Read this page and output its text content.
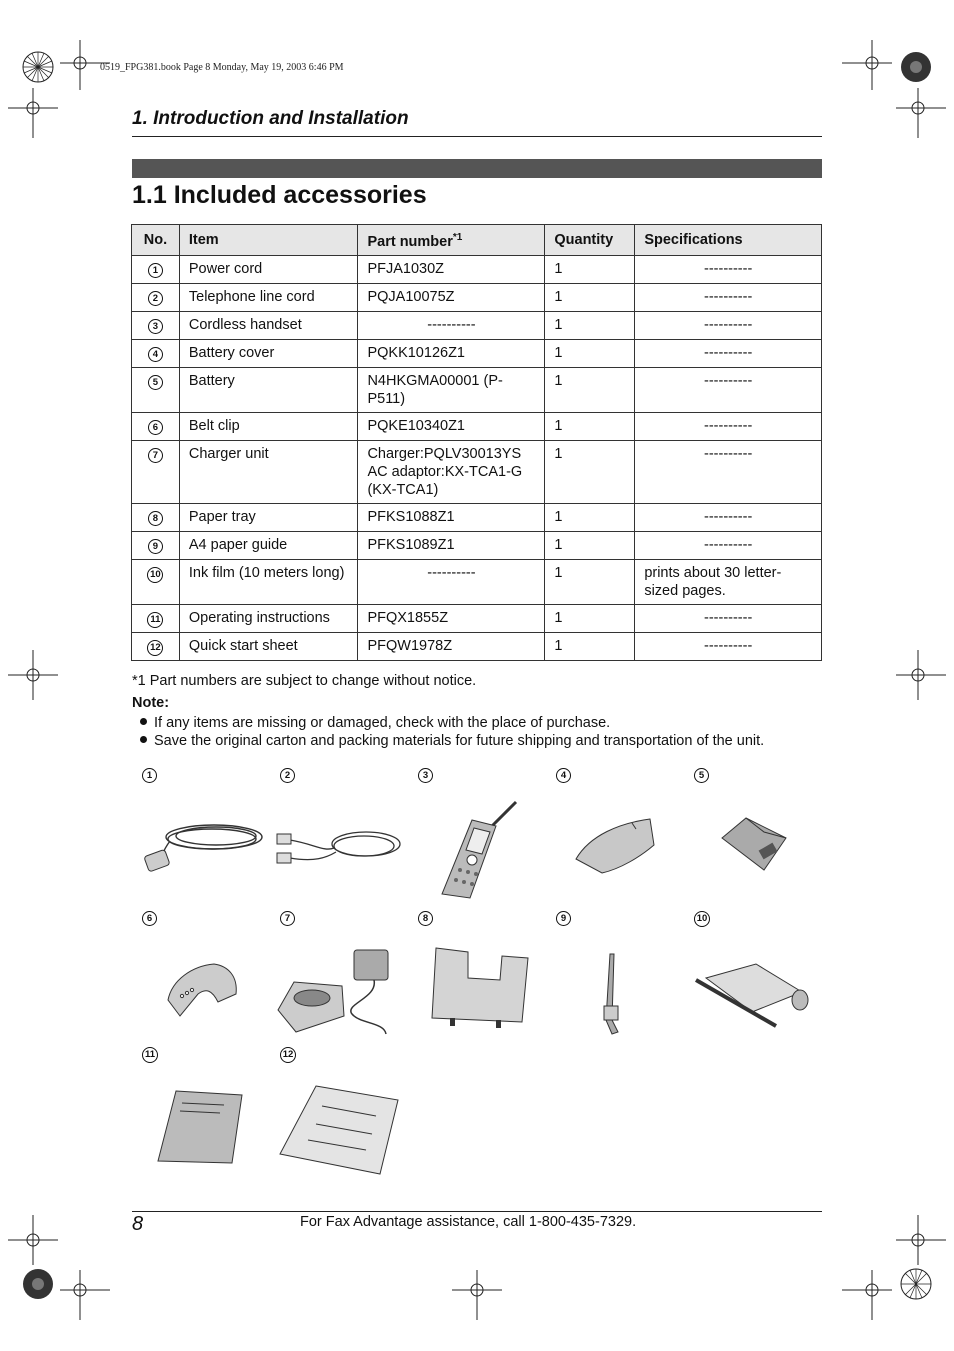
0519_FPG381.book Page 8 Monday, May 19, 2003 6:46 PM
1. Introduction and Installation
1.1 Included accessories
No.	Item	Part number$^{*1}$	Quantity	Specifications
1	Power cord	PFJA1030Z	1	----------
2	Telephone line cord	PQJA10075Z	1	----------
3	Cordless handset	----------	1	----------
4	Battery cover	PQKK10126Z1	1	----------
5	Battery	N4HKGMA00001 (P-P511)	1	----------
6	Belt clip	PQKE10340Z1	1	----------
7	Charger unit	Charger:PQLV30013YS
AC adaptor:KX-TCA1-G
(KX-TCA1)	1	----------
8	Paper tray	PFKS1088Z1	1	----------
9	A4 paper guide	PFKS1089Z1	1	----------
10	Ink film (10 meters long)	----------	1	prints about 30 letter-sized pages.
11	Operating instructions	PFQX1855Z	1	----------
12	Quick start sheet	PFQW1978Z	1	----------
*1 Part numbers are subject to change without notice.
Note:
If any items are missing or damaged, check with the place of purchase.
Save the original carton and packing materials for future shipping and transportation of the unit.
1	2	3	4	5
6	7	8	9	10
11	12
8	For Fax Advantage assistance, call 1-800-435-7329.
